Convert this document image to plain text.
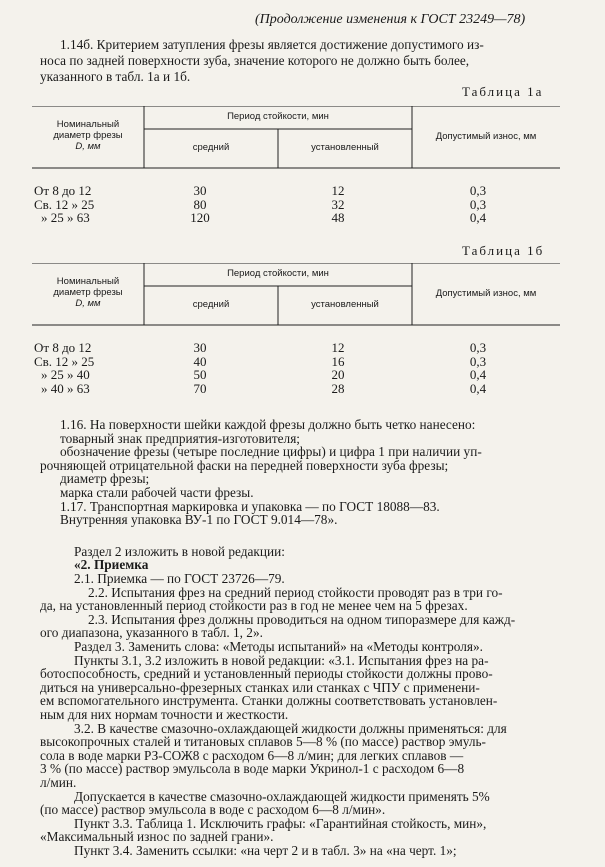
(Продолжение изменения к ГОСТ 23249—78)
1.14б. Критерием затупления фрезы является достижение допустимого из-
носа по задней поверхности зуба, значение которого не должно быть более,
указанного в табл. 1а и 1б.
Таблица 1а
Номинальный
диаметр фрезы
D, мм
Период стойкости, мин
средний	установленный
Допустимый износ, мм
От 8 до 12	30	12	0,3
Св. 12 » 25	80	32	0,3
» 25 » 63	120	48	0,4
Таблица 1б
Номинальный
диаметр фрезы
D, мм
Период стойкости, мин
средний	установленный
Допустимый износ, мм
От 8 до 12	30	12	0,3
Св. 12 » 25	40	16	0,3
» 25 » 40	50	20	0,4
» 40 » 63	70	28	0,4
1.16. На поверхности шейки каждой фрезы должно быть четко нанесено:
товарный знак предприятия-изготовителя;
обозначение фрезы (четыре последние цифры) и цифра 1 при наличии уп-
рочняющей отрицательной фаски на передней поверхности зуба фрезы;
диаметр фрезы;
марка стали рабочей части фрезы.
1.17. Транспортная маркировка и упаковка — по ГОСТ 18088—83.
Внутренняя упаковка ВУ-1 по ГОСТ 9.014—78».
Раздел 2 изложить в новой редакции:
«2. Приемка
2.1. Приемка — по ГОСТ 23726—79.
2.2. Испытания фрез на средний период стойкости проводят раз в три го-
да, на установленный период стойкости раз в год не менее чем на 5 фрезах.
2.3. Испытания фрез должны проводиться на одном типоразмере для кажд-
ого диапазона, указанного в табл. 1, 2».
Раздел 3. Заменить слова: «Методы испытаний» на «Методы контроля».
Пункты 3.1, 3.2 изложить в новой редакции: «3.1. Испытания фрез на ра-
ботоспособность, средний и установленный периоды стойкости должны прово-
диться на универсально-фрезерных станках или станках с ЧПУ с применени-
ем вспомогательного инструмента. Станки должны соответствовать установлен-
ным для них нормам точности и жесткости.
3.2. В качестве смазочно-охлаждающей жидкости должны применяться: для
высокопрочных сталей и титановых сплавов 5—8 % (по массе) раствор эмуль-
сола в воде марки РЗ-СОЖ8 с расходом 6—8 л/мин; для легких сплавов —
3 % (по массе) раствор эмульсола в воде марки Укринол-1 с расходом 6—8
л/мин.
Допускается в качестве смазочно-охлаждающей жидкости применять 5%
(по массе) раствор эмульсола в воде с расходом 6—8 л/мин».
Пункт 3.3. Таблица 1. Исключить графы: «Гарантийная стойкость, мин»,
«Максимальный износ по задней грани».
Пункт 3.4. Заменить ссылки: «на черт 2 и в табл. 3» на «на черт. 1»;
